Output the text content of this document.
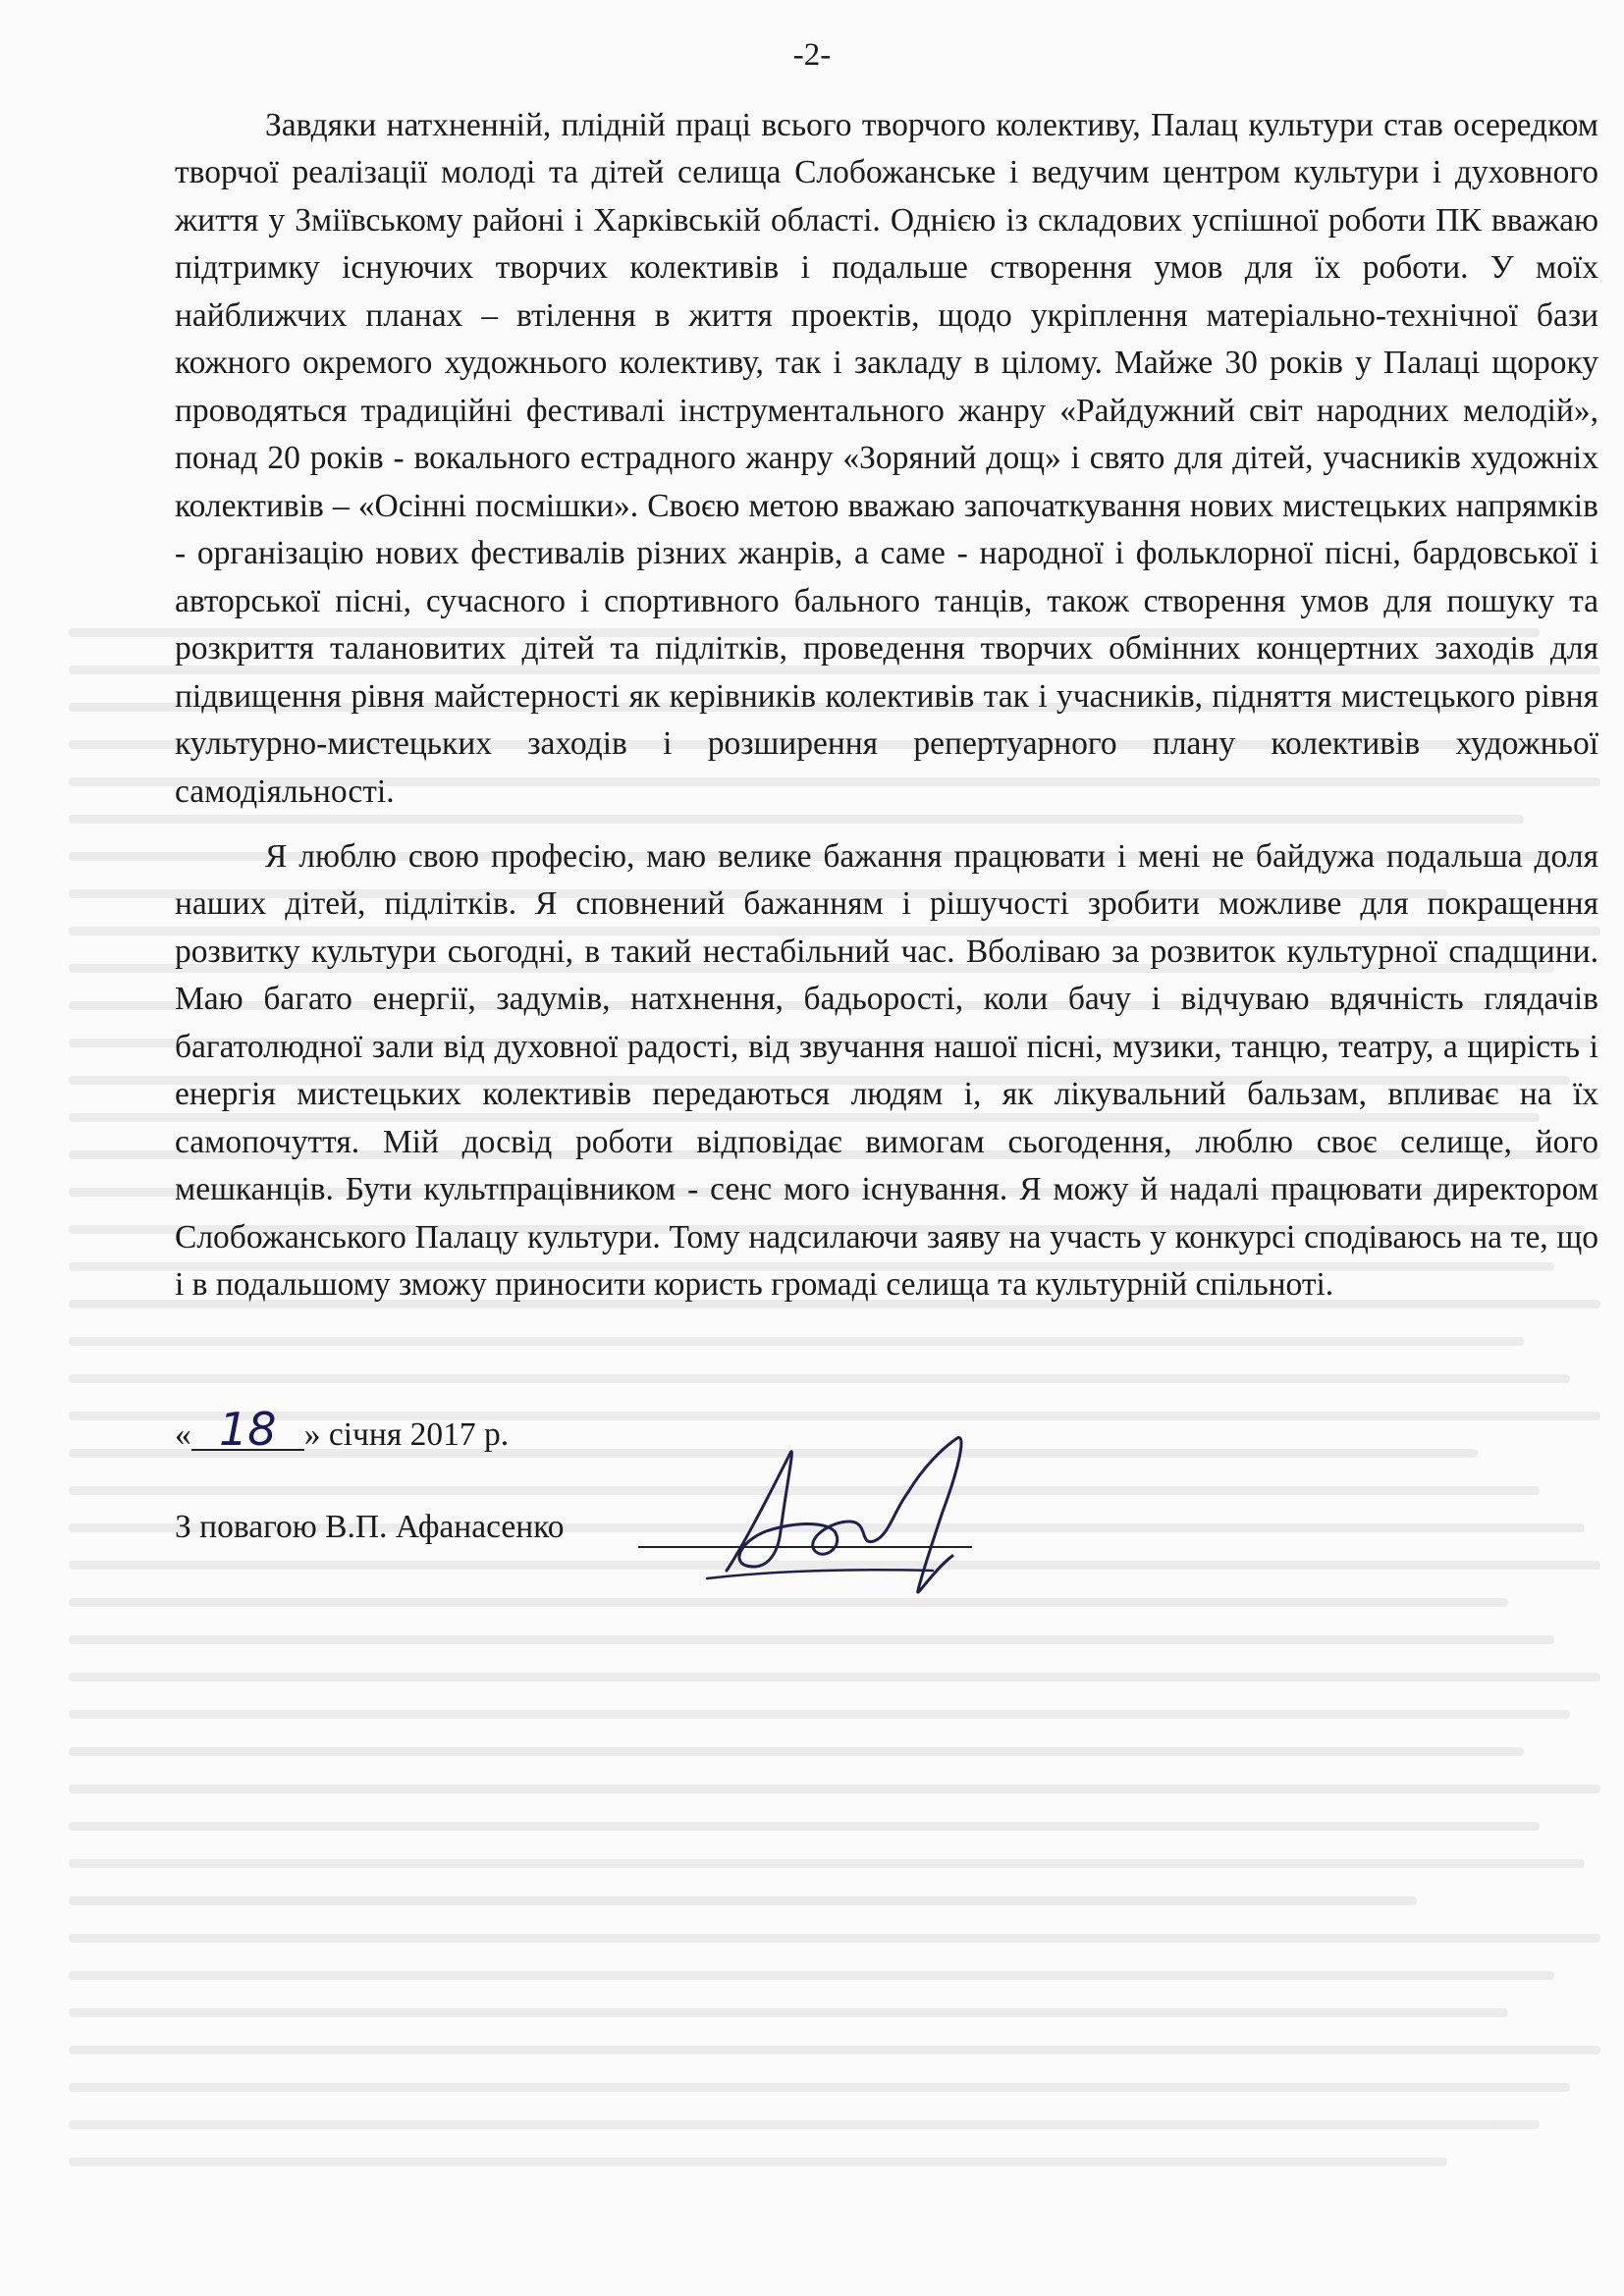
-2-

Завдяки натхненній, плідній праці всього творчого колективу, Палац культури став осередком творчої реалізації молоді та дітей селища Слобожанське і ведучим центром культури і духовного життя у Зміївському районі і Харківській області. Однією із складових успішної роботи ПК вважаю підтримку існуючих творчих колективів і подальше створення умов для їх роботи. У моїх найближчих планах – втілення в життя проектів, щодо укріплення матеріально-технічної бази кожного окремого художнього колективу, так і закладу в цілому. Майже 30 років у Палаці щороку проводяться традиційні фестивалі інструментального жанру «Райдужний світ народних мелодій», понад 20 років - вокального естрадного жанру «Зоряний дощ» і свято для дітей, учасників художніх колективів – «Осінні посмішки». Своєю метою вважаю започаткування нових мистецьких напрямків - організацію нових фестивалів різних жанрів, а саме - народної і фольклорної пісні, бардовської і авторської пісні, сучасного і спортивного бального танців, також створення умов для пошуку та розкриття талановитих дітей та підлітків, проведення творчих обмінних концертних заходів для підвищення рівня майстерності як керівників колективів так і учасників, підняття мистецького рівня культурно-мистецьких заходів і розширення репертуарного плану колективів художньої самодіяльності.

Я люблю свою професію, маю велике бажання працювати і мені не байдужа подальша доля наших дітей, підлітків. Я сповнений бажанням і рішучості зробити можливе для покращення розвитку культури сьогодні, в такий нестабільний час. Вболіваю за розвиток культурної спадщини. Маю багато енергії, задумів, натхнення, бадьорості, коли бачу і відчуваю вдячність глядачів багатолюдної зали від духовної радості, від звучання нашої пісні, музики, танцю, театру, а щирість і енергія мистецьких колективів передаються людям і, як лікувальний бальзам, впливає на їх самопочуття. Мій досвід роботи відповідає вимогам сьогодення, люблю своє селище, його мешканців. Бути культпрацівником - сенс мого існування. Я можу й надалі працювати директором Слобожанського Палацу культури. Тому надсилаючи заяву на участь у конкурсі сподіваюсь на те, що і в подальшому зможу приносити користь громаді селища та культурній спільноті.

« 18 » січня 2017 р.
З повагою В.П. Афанасенко
